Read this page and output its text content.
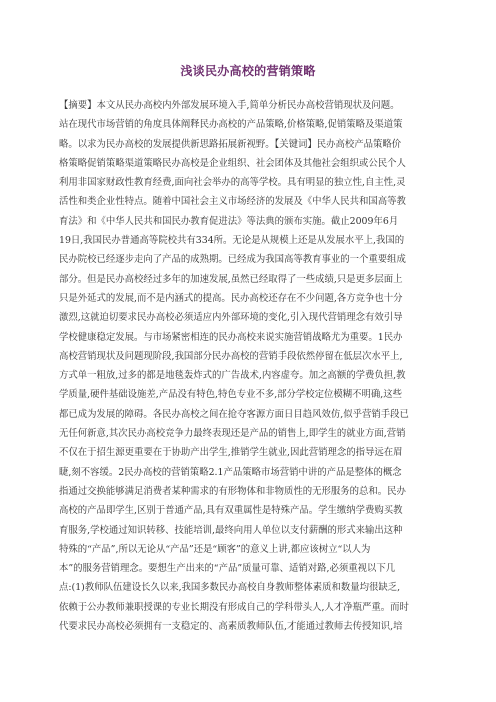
浅谈民办高校的营销策略
【摘要】本文从民办高校内外部发展环境入手,简单分析民办高校营销现状及问题。
站在现代市场营销的角度具体阐释民办高校的产品策略,价格策略,促销策略及渠道策
略。以求为民办高校的发展提供新思路拓展新视野。【关键词】民办高校产品策略价
格策略促销策略渠道策略民办高校是企业组织、社会团体及其他社会组织或公民个人
利用非国家财政性教育经费,面向社会举办的高等学校。具有明显的独立性,自主性,灵
活性和类企业性特点。随着中国社会主义市场经济的发展及《中华人民共和国高等教
育法》和《中华人民共和国民办教育促进法》等法典的颁布实施。截止2009年6月
19日,我国民办普通高等院校共有334所。无论是从规模上还是从发展水平上,我国的
民办院校已经逐步走向了产品的成熟期。已经成为我国高等教育事业的一个重要组成
部分。但是民办高校经过多年的加速发展,虽然已经取得了一些成绩,只是更多层面上
只是外延式的发展,而不是内涵式的提高。民办高校还存在不少问题,各方竞争也十分
激烈,这就迫切要求民办高校必须适应内外部环境的变化,引入现代营销理念有效引导
学校健康稳定发展。与市场紧密相连的民办高校来说实施营销战略尤为重要。1民办
高校营销现状及问题现阶段,我国部分民办高校的营销手段依然停留在低层次水平上,
方式单一粗放,过多的都是地毯轰炸式的广告战术,内容虚夸。加之高额的学费负担,教
学质量,硬件基础设施差,产品没有特色,特色专业不多,部分学校定位模糊不明确,这些
都已成为发展的障碍。各民办高校之间在抢夺客源方面日目趋风效仿,似乎营销手段已
无任何新意,其次民办高校竞争力最终表现还是产品的销售上,即学生的就业方面,营销
不仅在于招生源更重要在于协助产出学生,推销学生就业,因此营销理念的指导远在眉
睫,刻不容缓。2民办高校的营销策略2.1产品策略市场营销中讲的产品是整体的概念
指通过交换能够满足消费者某种需求的有形物体和非物质性的无形服务的总和。民办
高校的产品即学生,区别于普通产品,具有双重属性是特殊产品。学生缴纳学费购买教
育服务,学校通过知识转移、技能培训,最终向用人单位以支付薪酬的形式来输出这种
特殊的“产品”,所以无论从“产品”还是“顾客”的意义上讲,都应该树立“以人为
本”的服务营销理念。要想生产出来的“产品”质量可靠、适销对路,必须重视以下几
点:(1)教师队伍建设长久以来,我国多数民办高校自身教师整体素质和数量均很缺乏,
依赖于公办教师兼职授课的专业长期没有形成自己的学科带头人,人才净瓶严重。而时
代要求民办高校必须拥有一支稳定的、高素质教师队伍,才能通过教师去传授知识,培
